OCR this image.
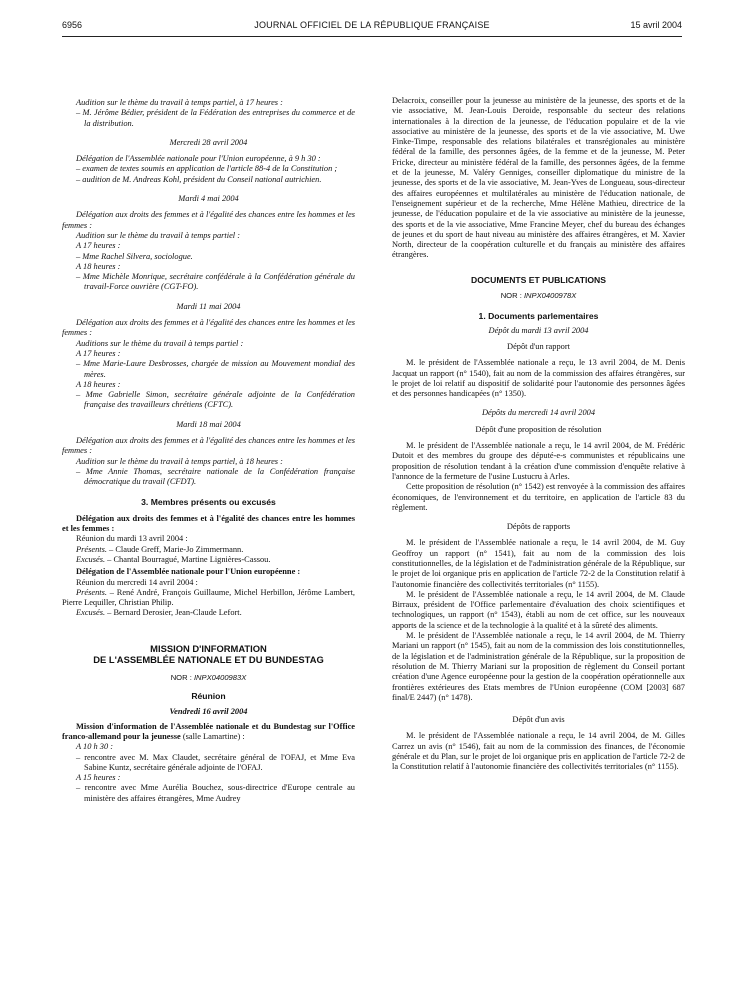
6956	JOURNAL OFFICIEL DE LA RÉPUBLIQUE FRANÇAISE	15 avril 2004

Audition sur le thème du travail à temps partiel, à 17 heures :

– M. Jérôme Bédier, président de la Fédération des entreprises du commerce et de la distribution.

Mercredi 28 avril 2004

Délégation de l'Assemblée nationale pour l'Union européenne, à 9 h 30 :

– examen de textes soumis en application de l'article 88-4 de la Constitution ;

– audition de M. Andreas Kohl, président du Conseil national autrichien.

Mardi 4 mai 2004

Délégation aux droits des femmes et à l'égalité des chances entre les hommes et les femmes :

Audition sur le thème du travail à temps partiel :

A 17 heures :

– Mme Rachel Silvera, sociologue.

A 18 heures :

– Mme Michèle Monrique, secrétaire confédérale à la Confédération générale du travail-Force ouvrière (CGT-FO).

Mardi 11 mai 2004

Délégation aux droits des femmes et à l'égalité des chances entre les hommes et les femmes :

Auditions sur le thème du travail à temps partiel :

A 17 heures :

– Mme Marie-Laure Desbrosses, chargée de mission au Mouvement mondial des mères.

A 18 heures :

– Mme Gabrielle Simon, secrétaire générale adjointe de la Confédération française des travailleurs chrétiens (CFTC).

Mardi 18 mai 2004

Délégation aux droits des femmes et à l'égalité des chances entre les hommes et les femmes :

Audition sur le thème du travail à temps partiel, à 18 heures :

– Mme Annie Thomas, secrétaire nationale de la Confédération française démocratique du travail (CFDT).

3. Membres présents ou excusés

Délégation aux droits des femmes et à l'égalité des chances entre les hommes et les femmes :

Réunion du mardi 13 avril 2004 :

Présents. – Claude Greff, Marie-Jo Zimmermann.

Excusés. – Chantal Bourragué, Martine Lignières-Cassou.

Délégation de l'Assemblée nationale pour l'Union européenne :

Réunion du mercredi 14 avril 2004 :

Présents. – René André, François Guillaume, Michel Herbillon, Jérôme Lambert, Pierre Lequiller, Christian Philip.

Excusés. – Bernard Derosier, Jean-Claude Lefort.

MISSION D'INFORMATION

DE L'ASSEMBLÉE NATIONALE ET DU BUNDESTAG

NOR : INPX0400983X

Réunion

Vendredi 16 avril 2004

Mission d'information de l'Assemblée nationale et du Bundestag sur l'Office franco-allemand pour la jeunesse (salle Lamartine) :

A 10 h 30 :

– rencontre avec M. Max Claudet, secrétaire général de l'OFAJ, et Mme Eva Sabine Kuntz, secrétaire générale adjointe de l'OFAJ.

A 15 heures :

– rencontre avec Mme Aurélia Bouchez, sous-directrice d'Europe centrale au ministère des affaires étrangères, Mme Audrey

Delacroix, conseiller pour la jeunesse au ministère de la jeunesse, des sports et de la vie associative, M. Jean-Louis Deroide, responsable du secteur des relations internationales à la direction de la jeunesse, de l'éducation populaire et de la vie associative au ministère de la jeunesse, des sports et de la vie associative, M. Uwe Finke-Timpe, responsable des relations bilatérales et transrégionales au ministère fédéral de la famille, des personnes âgées, de la femme et de la jeunesse, M. Peter Fricke, directeur au ministère fédéral de la famille, des personnes âgées, de la femme et de la jeunesse, M. Valéry Genniges, conseiller diplomatique du ministre de la jeunesse, des sports et de la vie associative, M. Jean-Yves de Longueau, sous-directeur des affaires européennes et multilatérales au ministère de l'éducation nationale, de l'enseignement supérieur et de la recherche, Mme Hélène Mathieu, directrice de la jeunesse, de l'éducation populaire et de la vie associative au ministère de la jeunesse, des sports et de la vie associative, Mme Francine Meyer, chef du bureau des échanges de jeunes et du sport de haut niveau au ministère des affaires étrangères, et M. Xavier North, directeur de la coopération culturelle et du français au ministère des affaires étrangères.

DOCUMENTS ET PUBLICATIONS

NOR : INPX0400978X

1. Documents parlementaires

Dépôt du mardi 13 avril 2004

Dépôt d'un rapport

M. le président de l'Assemblée nationale a reçu, le 13 avril 2004, de M. Denis Jacquat un rapport (n° 1540), fait au nom de la commission des affaires étrangères, sur le projet de loi relatif au dispositif de solidarité pour l'autonomie des personnes âgées et des personnes handicapées (n° 1350).

Dépôts du mercredi 14 avril 2004

Dépôt d'une proposition de résolution

M. le président de l'Assemblée nationale a reçu, le 14 avril 2004, de M. Frédéric Dutoit et des membres du groupe des député-e-s communistes et républicains une proposition de résolution tendant à la création d'une commission d'enquête relative à l'annonce de la fermeture de l'usine Lustucru à Arles.

Cette proposition de résolution (n° 1542) est renvoyée à la commission des affaires économiques, de l'environnement et du territoire, en application de l'article 83 du règlement.

Dépôts de rapports

M. le président de l'Assemblée nationale a reçu, le 14 avril 2004, de M. Guy Geoffroy un rapport (n° 1541), fait au nom de la commission des lois constitutionnelles, de la législation et de l'administration générale de la République, sur le projet de loi organique pris en application de l'article 72-2 de la Constitution relatif à l'autonomie financière des collectivités territoriales (n° 1155).

M. le président de l'Assemblée nationale a reçu, le 14 avril 2004, de M. Claude Birraux, président de l'Office parlementaire d'évaluation des choix scientifiques et technologiques, un rapport (n° 1543), établi au nom de cet office, sur les nouveaux apports de la science et de la technologie à la qualité et à la sûreté des aliments.

M. le président de l'Assemblée nationale a reçu, le 14 avril 2004, de M. Thierry Mariani un rapport (n° 1545), fait au nom de la commission des lois constitutionnelles, de la législation et de l'administration générale de la République, sur la proposition de résolution de M. Thierry Mariani sur la proposition de règlement du Conseil portant création d'une Agence européenne pour la gestion de la coopération opérationnelle aux frontières extérieures des Etats membres de l'Union européenne (COM [2003] 687 final/E 2447) (n° 1478).

Dépôt d'un avis

M. le président de l'Assemblée nationale a reçu, le 14 avril 2004, de M. Gilles Carrez un avis (n° 1546), fait au nom de la commission des finances, de l'économie générale et du Plan, sur le projet de loi organique pris en application de l'article 72-2 de la Constitution relatif à l'autonomie financière des collectivités territoriales (n° 1155).
